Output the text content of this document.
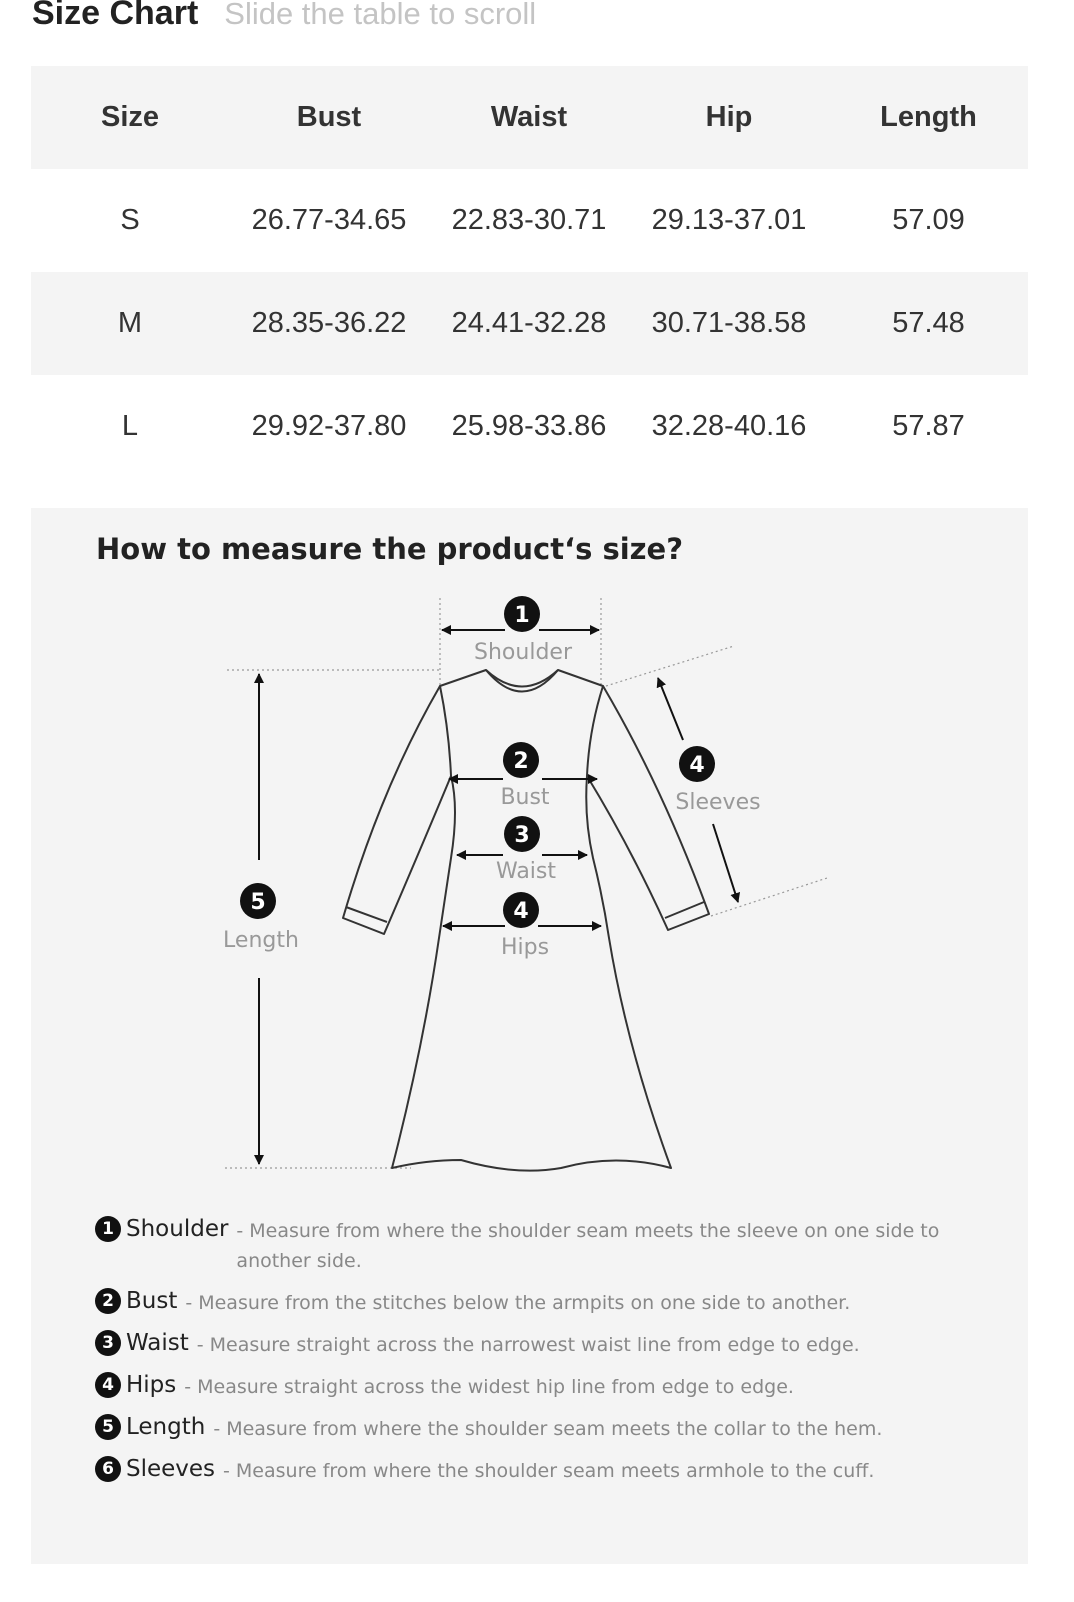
Size Chart Slide the table to scroll
Size	Bust	Waist	Hip	Length
S	26.77-34.65	22.83-30.71	29.13-37.01	57.09
M	28.35-36.22	24.41-32.28	30.71-38.58	57.48
L	29.92-37.80	25.98-33.86	32.28-40.16	57.87
How to measure the product‘s size?
1
Shoulder
2
Bust
3
Waist
4
Hips
4
Sleeves
5
Length
1 Shoulder - Measure from where the shoulder seam meets the sleeve on one side to another side.
2 Bust - Measure from the stitches below the armpits on one side to another.
3 Waist - Measure straight across the narrowest waist line from edge to edge.
4 Hips - Measure straight across the widest hip line from edge to edge.
5 Length - Measure from where the shoulder seam meets the collar to the hem.
6 Sleeves - Measure from where the shoulder seam meets armhole to the cuff.
